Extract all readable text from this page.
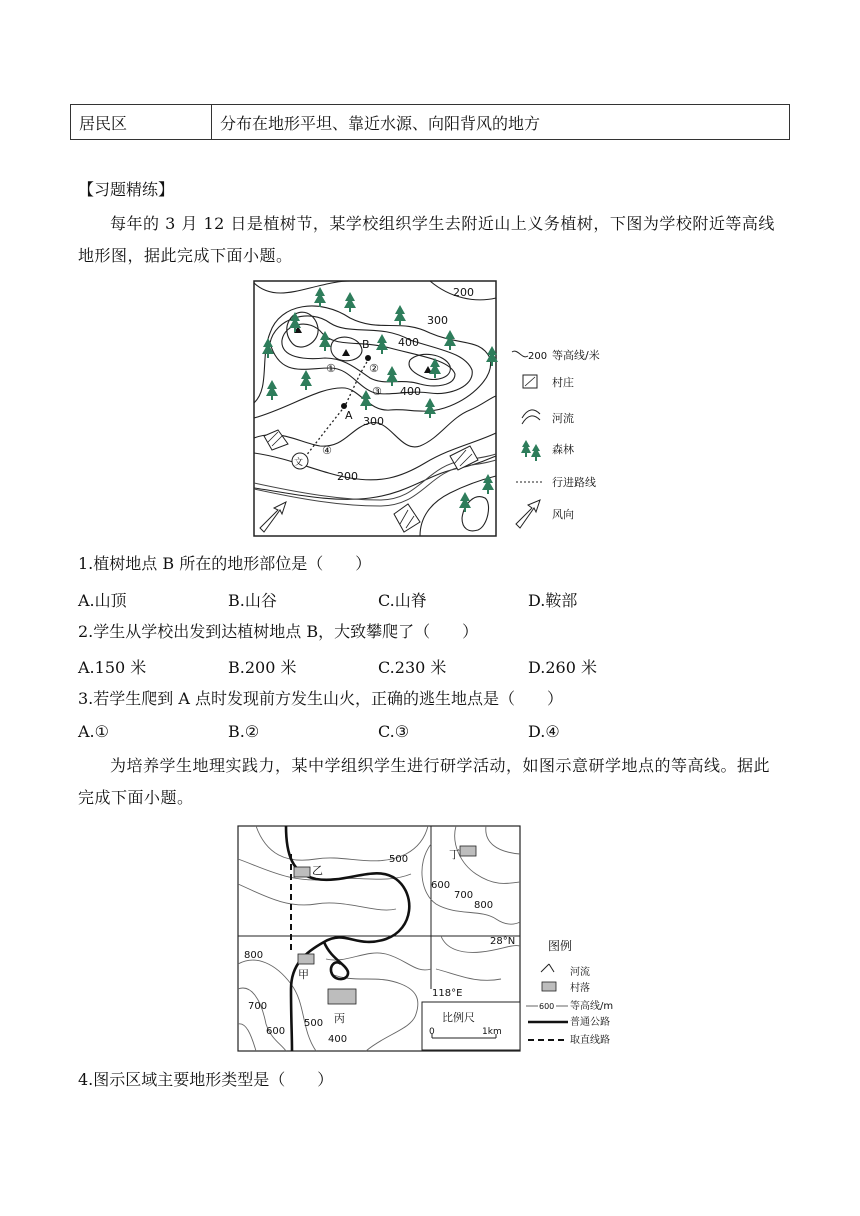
居民区	分布在地形平坦、靠近水源、向阳背风的地方
【习题精练】
每年的 3 月 12 日是植树节，某学校组织学生去附近山上义务植树，下图为学校附近等高线地形图，据此完成下面小题。
200
300
400
400
300
200
A
B
①	②
③
④
文
200 等高线/米
村庄
河流
森林
行进路线
风向
1.植树地点 B 所在的地形部位是（　　）
A.山顶	B.山谷	C.山脊	D.鞍部
2.学生从学校出发到达植树地点 B，大致攀爬了（　　）
A.150 米	B.200 米	C.230 米	D.260 米
3.若学生爬到 A 点时发现前方发生山火，正确的逃生地点是（　　）
A.①	B.②	C.③	D.④
为培养学生地理实践力，某中学组织学生进行研学活动，如图示意研学地点的等高线。据此完成下面小题。
乙
甲
丙
丁
500
600
700
800
800
700
600
500
400
28°N
118°E
比例尺
0	1km
图例
河流
村落
600 等高线/m
普通公路
取直线路
4.图示区域主要地形类型是（　　）
